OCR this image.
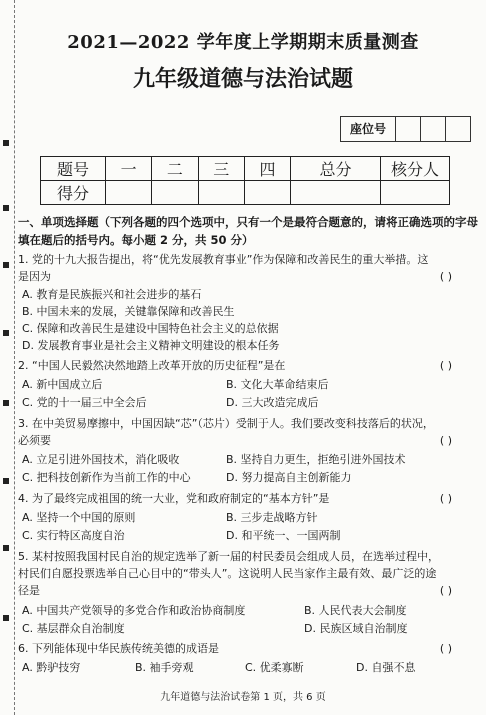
2021—2022 学年度上学期期末质量测查
九年级道德与法治试题
座位号
题号	一	二	三	四	总分	核分人
得分						
一、单项选择题（下列各题的四个选项中，只有一个是最符合题意的，请将正确选项的字母填在题后的括号内。每小题 2 分，共 50 分）
1. 党的十九大报告提出，将“优先发展教育事业”作为保障和改善民生的重大举措。这
是因为	( )
A. 教育是民族振兴和社会进步的基石
B. 中国未来的发展，关键靠保障和改善民生
C. 保障和改善民生是建设中国特色社会主义的总依据
D. 发展教育事业是社会主义精神文明建设的根本任务
2. “中国人民毅然决然地踏上改革开放的历史征程”是在	( )
A. 新中国成立后	B. 文化大革命结束后
C. 党的十一届三中全会后	D. 三大改造完成后
3. 在中美贸易摩擦中，中国因缺“芯”（芯片）受制于人。我们要改变科技落后的状况，
必须要	( )
A. 立足引进外国技术，消化吸收	B. 坚持自力更生，拒绝引进外国技术
C. 把科技创新作为当前工作的中心	D. 努力提高自主创新能力
4. 为了最终完成祖国的统一大业，党和政府制定的“基本方针”是	( )
A. 坚持一个中国的原则	B. 三步走战略方针
C. 实行特区高度自治	D. 和平统一、一国两制
5. 某村按照我国村民自治的规定选举了新一届的村民委员会组成人员，在选举过程中，
村民们自愿投票选举自己心目中的“带头人”。这说明人民当家作主最有效、最广泛的途
径是	( )
A. 中国共产党领导的多党合作和政治协商制度	B. 人民代表大会制度
C. 基层群众自治制度	D. 民族区域自治制度
6. 下列能体现中华民族传统美德的成语是	( )
A. 黔驴技穷	B. 袖手旁观	C. 优柔寡断	D. 自强不息
九年道德与法治试卷第 1 页，共 6 页
